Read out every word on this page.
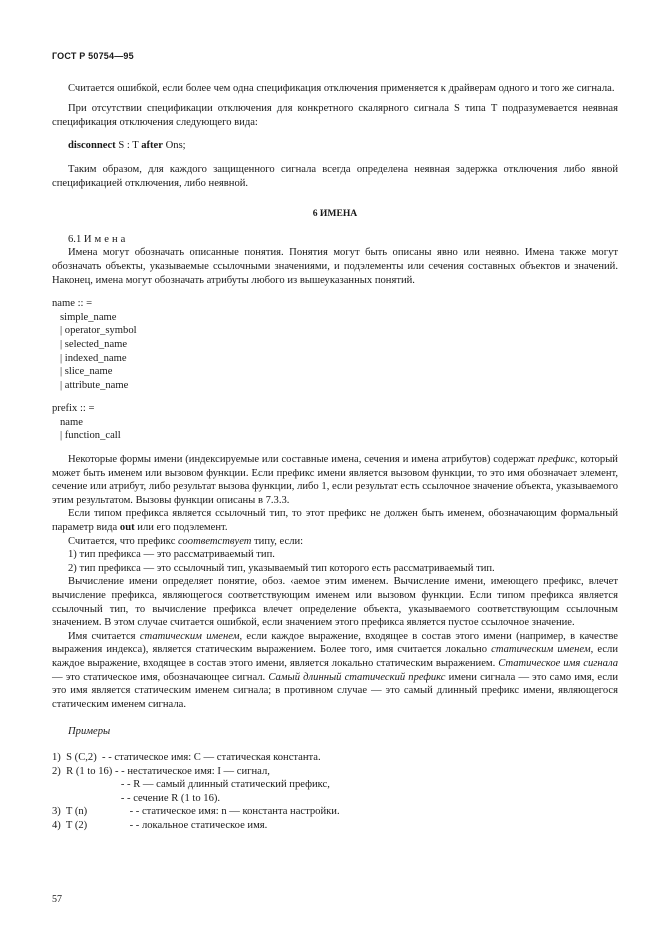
ГОСТ Р 50754—95

Считается ошибкой, если более чем одна спецификация отключения применяется к драйверам одного и того же сигнала.

При отсутствии спецификации отключения для конкретного скалярного сигнала S типа T подразумевается неявная спецификация отключения следующего вида:

disconnect S : T after Ons;

Таким образом, для каждого защищенного сигнала всегда определена неявная задержка отключения либо явной спецификацией отключения, либо неявной.

6 ИМЕНА

6.1 Имена

Имена могут обозначать описанные понятия. Понятия могут быть описаны явно или неявно. Имена также могут обозначать объекты, указываемые ссылочными значениями, и подэлементы или сечения составных объектов и значений. Наконец, имена могут обозначать атрибуты любого из вышеуказанных понятий.

name :: =
simple_name
| operator_symbol
| selected_name
| indexed_name
| slice_name
| attribute_name
prefix :: =
name
| function_call

Некоторые формы имени (индексируемые или составные имена, сечения и имена атрибутов) содержат префикс, который может быть именем или вызовом функции. Если префикс имени является вызовом функции, то это имя обозначает элемент, сечение или атрибут, либо результат вызова функции, либо 1, если результат есть ссылочное значение объекта, указываемого этим результатом. Вызовы функции описаны в 7.3.3.

Если типом префикса является ссылочный тип, то этот префикс не должен быть именем, обозначающим формальный параметр вида out или его подэлемент.

Считается, что префикс соответствует типу, если:

1) тип префикса — это рассматриваемый тип.

2) тип префикса — это ссылочный тип, указываемый тип которого есть рассматриваемый тип.

Вычисление имени определяет понятие, обоз. ‹аемое этим именем. Вычисление имени, имеющего префикс, влечет вычисление префикса, являющегося соответствующим именем или вызовом функции. Если типом префикса является ссылочный тип, то вычисление префикса влечет определение объекта, указываемого соответствующим ссылочным значением. В этом случае считается ошибкой, если значением этого префикса является пустое ссылочное значение.

Имя считается статическим именем, если каждое выражение, входящее в состав этого имени (например, в качестве выражения индекса), является статическим выражением. Более того, имя считается локально статическим именем, если каждое выражение, входящее в состав этого имени, является локально статическим выражением. Статическое имя сигнала — это статическое имя, обозначающее сигнал. Самый длинный статический префикс имени сигнала — это само имя, если это имя является статическим именем сигнала; в противном случае — это самый длинный префикс имени, являющегося статическим именем сигнала.

Примеры
1)  S (C,2)  - - статическое имя: C — статическая константа.
2)  R (1 to 16) - - нестатическое имя: I — сигнал,
- - R — самый длинный статический префикс,
- - сечение R (1 to 16).
3)  T (n)                - - статическое имя: n — константа настройки.
4)  T (2)                - - локальное статическое имя.
57
